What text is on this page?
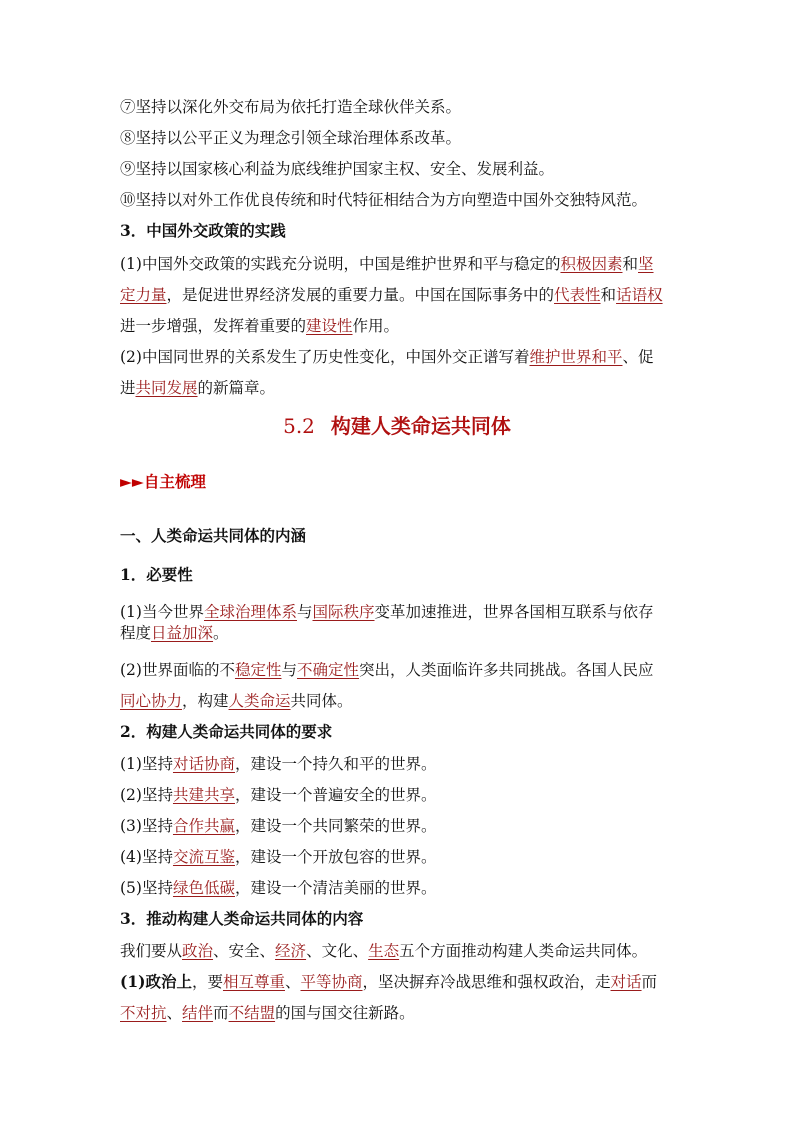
⑦坚持以深化外交布局为依托打造全球伙伴关系。
⑧坚持以公平正义为理念引领全球治理体系改革。
⑨坚持以国家核心利益为底线维护国家主权、安全、发展利益。
⑩坚持以对外工作优良传统和时代特征相结合为方向塑造中国外交独特风范。
3．中国外交政策的实践
(1)中国外交政策的实践充分说明，中国是维护世界和平与稳定的积极因素和坚
定力量，是促进世界经济发展的重要力量。中国在国际事务中的代表性和话语权
进一步增强，发挥着重要的建设性作用。
(2)中国同世界的关系发生了历史性变化，中国外交正谱写着维护世界和平、促
进共同发展的新篇章。
5.2 构建人类命运共同体
►►自主梳理
一、人类命运共同体的内涵
1．必要性
(1)当今世界全球治理体系与国际秩序变革加速推进，世界各国相互联系与依存
程度日益加深。
(2)世界面临的不稳定性与不确定性突出，人类面临许多共同挑战。各国人民应
同心协力，构建人类命运共同体。
2．构建人类命运共同体的要求
(1)坚持对话协商，建设一个持久和平的世界。
(2)坚持共建共享，建设一个普遍安全的世界。
(3)坚持合作共赢，建设一个共同繁荣的世界。
(4)坚持交流互鉴，建设一个开放包容的世界。
(5)坚持绿色低碳，建设一个清洁美丽的世界。
3．推动构建人类命运共同体的内容
我们要从政治、安全、经济、文化、生态五个方面推动构建人类命运共同体。
(1)政治上，要相互尊重、平等协商，坚决摒弃冷战思维和强权政治，走对话而
不对抗、结伴而不结盟的国与国交往新路。
